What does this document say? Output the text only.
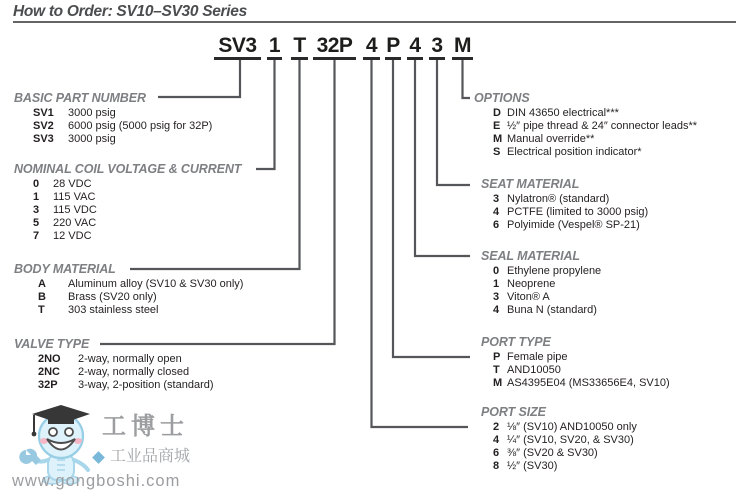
How to Order: SV10–SV30 Series
SV3 1 T 32P 4 P 4 3 M
BASIC PART NUMBER
SV1	3000 psig
SV2	6000 psig (5000 psig for 32P)
SV3	3000 psig
NOMINAL COIL VOLTAGE & CURRENT
0	28 VDC
1	115 VAC
3	115 VDC
5	220 VAC
7	12 VDC
BODY MATERIAL
A	Aluminum alloy (SV10 & SV30 only)
B	Brass (SV20 only)
T	303 stainless steel
VALVE TYPE
2NO	2-way, normally open
2NC	2-way, normally closed
32P	3-way, 2-position (standard)
OPTIONS
D DIN 43650 electrical***
E ½″ pipe thread & 24″ connector leads**
M Manual override**
S Electrical position indicator*
SEAT MATERIAL
3 Nylatron® (standard)
4 PCTFE (limited to 3000 psig)
6 Polyimide (Vespel® SP-21)
SEAL MATERIAL
0 Ethylene propylene
1 Neoprene
3 Viton® A
4 Buna N (standard)
PORT TYPE
P Female pipe
T AND10050
M AS4395E04 (MS33656E4, SV10)
PORT SIZE
2 ⅛″ (SV10) AND10050 only
4 ¼″ (SV10, SV20, & SV30)
6 ⅜″ (SV20 & SV30)
8 ½″ (SV30)
工博士
工业品商城
www.gongboshi.com
